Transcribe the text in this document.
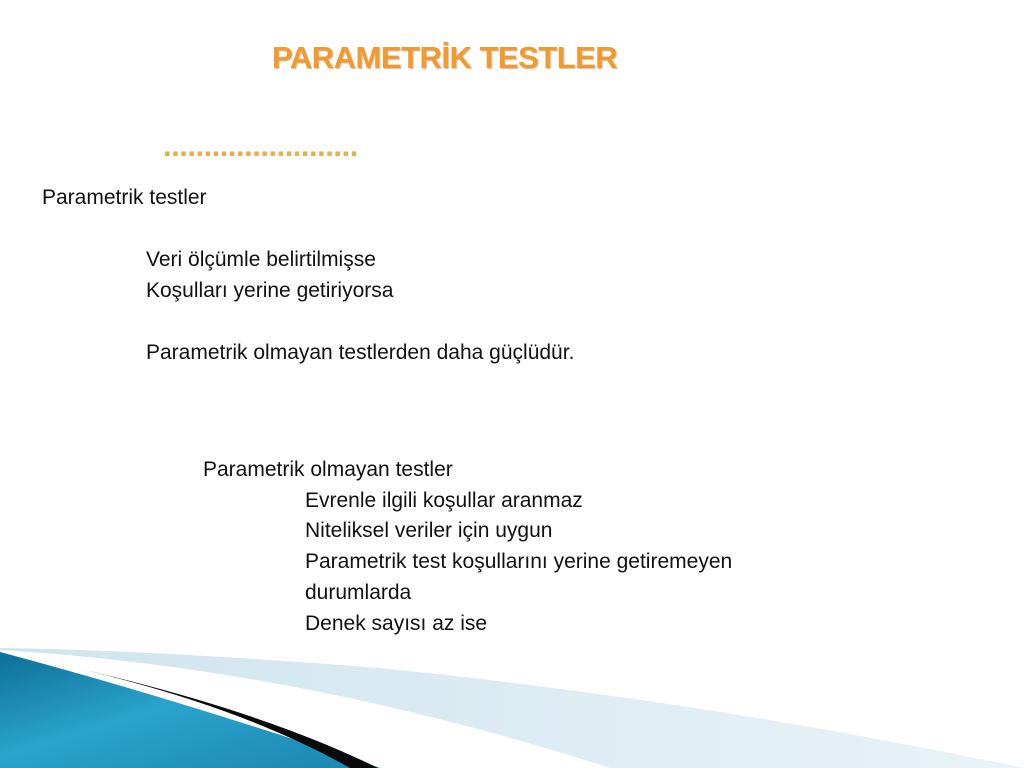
PARAMETRİK TESTLER
........................
Parametrik testler
Veri ölçümle belirtilmişse
Koşulları yerine getiriyorsa
Parametrik olmayan testlerden daha güçlüdür.
Parametrik olmayan testler
Evrenle ilgili koşullar aranmaz
Niteliksel veriler için uygun
Parametrik test koşullarını yerine getiremeyen
durumlarda
Denek sayısı az ise
